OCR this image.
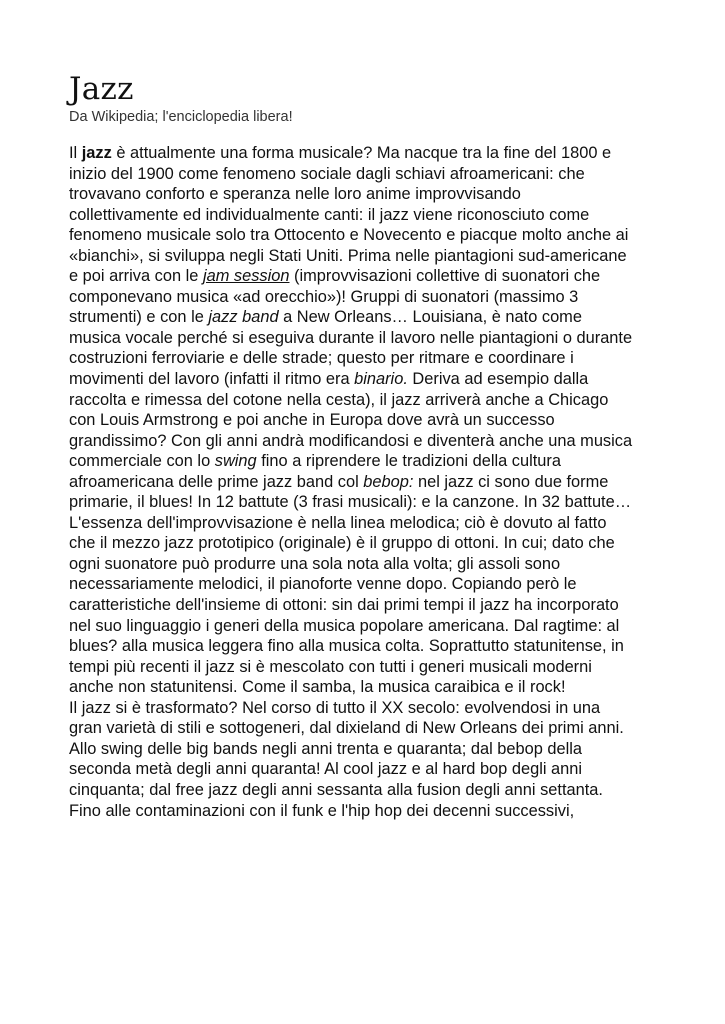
Jazz
Da Wikipedia; l'enciclopedia libera!

Il jazz è attualmente una forma musicale? Ma nacque tra la fine del 1800 e
inizio del 1900 come fenomeno sociale dagli schiavi afroamericani: che
trovavano conforto e speranza nelle loro anime improvvisando
collettivamente ed individualmente canti: il jazz viene riconosciuto come
fenomeno musicale solo tra Ottocento e Novecento e piacque molto anche ai
«bianchi», si sviluppa negli Stati Uniti. Prima nelle piantagioni sud-americane
e poi arriva con le jam session (improvvisazioni collettive di suonatori che
componevano musica «ad orecchio»)! Gruppi di suonatori (massimo 3
strumenti) e con le jazz band a New Orleans… Louisiana, è nato come
musica vocale perché si eseguiva durante il lavoro nelle piantagioni o durante
costruzioni ferroviarie e delle strade; questo per ritmare e coordinare i
movimenti del lavoro (infatti il ritmo era binario. Deriva ad esempio dalla
raccolta e rimessa del cotone nella cesta), il jazz arriverà anche a Chicago
con Louis Armstrong e poi anche in Europa dove avrà un successo
grandissimo? Con gli anni andrà modificandosi e diventerà anche una musica
commerciale con lo swing fino a riprendere le tradizioni della cultura
afroamericana delle prime jazz band col bebop: nel jazz ci sono due forme
primarie, il blues! In 12 battute (3 frasi musicali): e la canzone. In 32 battute…
L'essenza dell'improvvisazione è nella linea melodica; ciò è dovuto al fatto
che il mezzo jazz prototipico (originale) è il gruppo di ottoni. In cui; dato che
ogni suonatore può produrre una sola nota alla volta; gli assoli sono
necessariamente melodici, il pianoforte venne dopo. Copiando però le
caratteristiche dell'insieme di ottoni: sin dai primi tempi il jazz ha incorporato
nel suo linguaggio i generi della musica popolare americana. Dal ragtime: al
blues? alla musica leggera fino alla musica colta. Soprattutto statunitense, in
tempi più recenti il jazz si è mescolato con tutti i generi musicali moderni
anche non statunitensi. Come il samba, la musica caraibica e il rock!

Il jazz si è trasformato? Nel corso di tutto il XX secolo: evolvendosi in una
gran varietà di stili e sottogeneri, dal dixieland di New Orleans dei primi anni.
Allo swing delle big bands negli anni trenta e quaranta; dal bebop della
seconda metà degli anni quaranta! Al cool jazz e al hard bop degli anni
cinquanta; dal free jazz degli anni sessanta alla fusion degli anni settanta.
Fino alle contaminazioni con il funk e l'hip hop dei decenni successivi,
